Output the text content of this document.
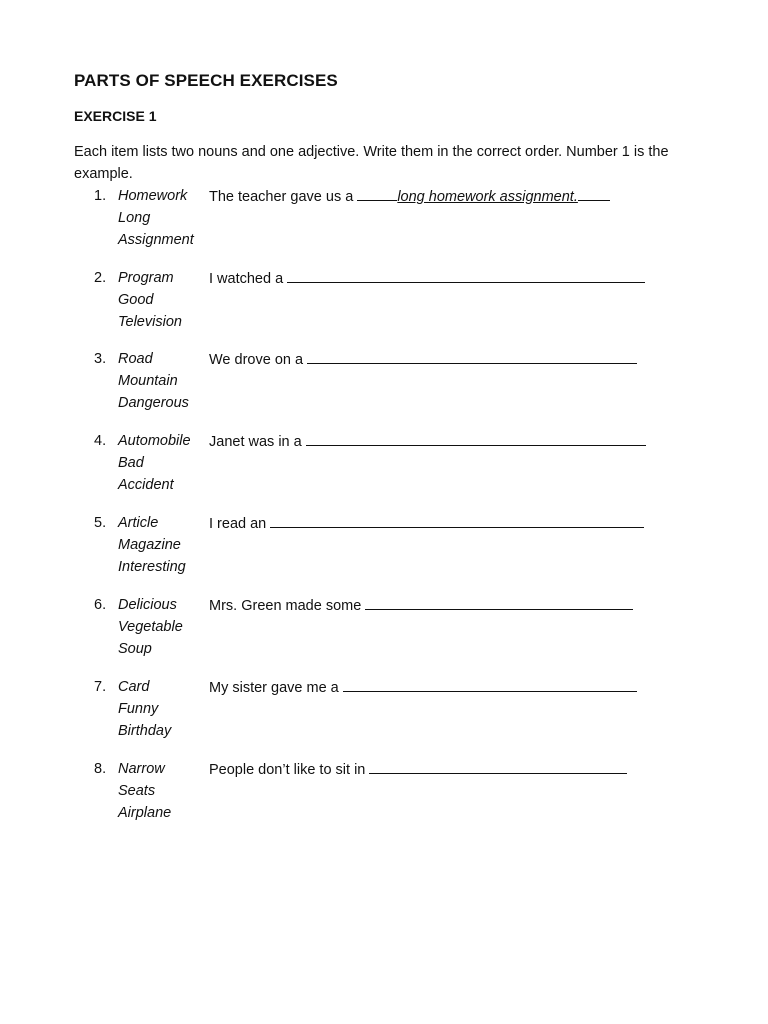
PARTS OF SPEECH EXERCISES
EXERCISE 1
Each item lists two nouns and one adjective. Write them in the correct order. Number 1 is the example.
1. Homework
Long
Assignment
The teacher gave us a	long homework assignment.
2. Program
Good
Television
I watched a
3. Road
Mountain
Dangerous
We drove on a
4. Automobile
Bad
Accident
Janet was in a
5. Article
Magazine
Interesting
I read an
6. Delicious
Vegetable
Soup
Mrs. Green made some
7. Card
Funny
Birthday
My sister gave me a
8. Narrow
Seats
Airplane
People don’t like to sit in
